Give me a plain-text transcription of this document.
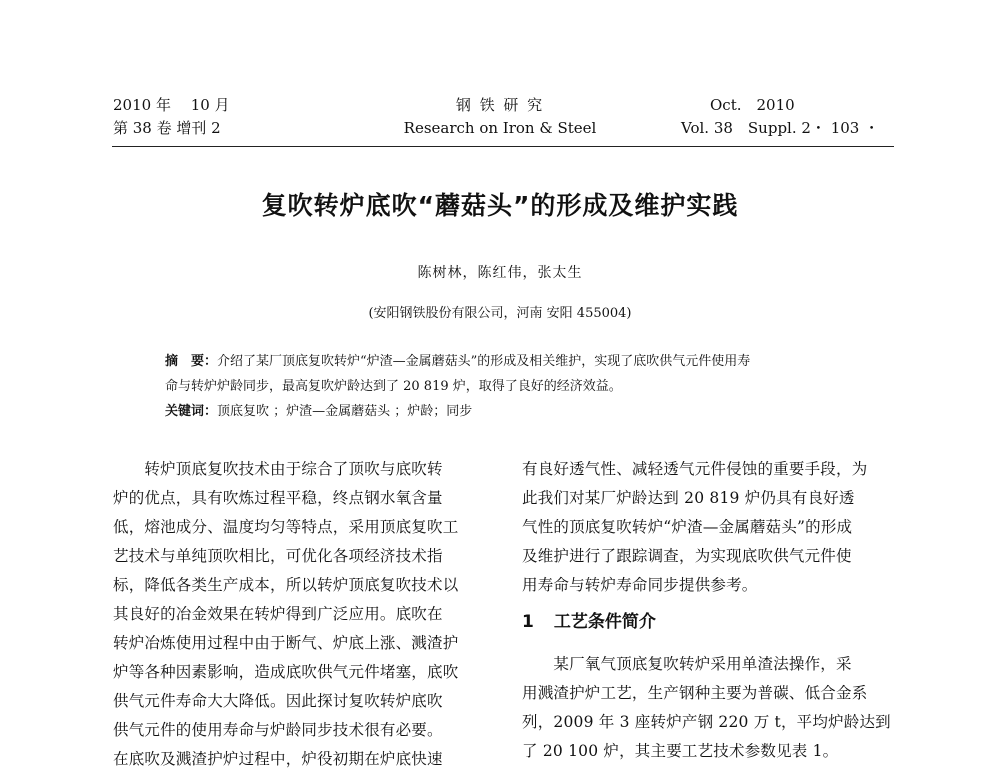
2010 年　 10 月
第 38 卷 增刊 2
钢 铁 研 究
Research on Iron & Steel
Oct.　2010
Vol. 38　Suppl. 2・ 103 ・
复吹转炉底吹“蘑菇头”的形成及维护实践
陈树林，陈红伟，张太生
(安阳钢铁股份有限公司，河南 安阳 455004)
摘　要：介绍了某厂顶底复吹转炉“炉渣—金属蘑菇头”的形成及相关维护，实现了底吹供气元件使用寿
命与转炉炉龄同步，最高复吹炉龄达到了 20 819 炉，取得了良好的经济效益。
关键词：顶底复吹 ；炉渣—金属蘑菇头 ；炉龄；同步
　　转炉顶底复吹技术由于综合了顶吹与底吹转
炉的优点，具有吹炼过程平稳，终点钢水氧含量
低，熔池成分、温度均匀等特点，采用顶底复吹工
艺技术与单纯顶吹相比，可优化各项经济技术指
标，降低各类生产成本，所以转炉顶底复吹技术以
其良好的冶金效果在转炉得到广泛应用。底吹在
转炉冶炼使用过程中由于断气、炉底上涨、溅渣护
炉等各种因素影响，造成底吹供气元件堵塞，底吹
供气元件寿命大大降低。因此探讨复吹转炉底吹
供气元件的使用寿命与炉龄同步技术很有必要。
在底吹及溅渣护炉过程中，炉役初期在炉底快速
有良好透气性、减轻透气元件侵蚀的重要手段，为
此我们对某厂炉龄达到 20 819 炉仍具有良好透
气性的顶底复吹转炉“炉渣—金属蘑菇头”的形成
及维护进行了跟踪调查，为实现底吹供气元件使
用寿命与转炉寿命同步提供参考。
1 工艺条件简介
　　某厂氧气顶底复吹转炉采用单渣法操作，采
用溅渣护炉工艺，生产钢种主要为普碳、低合金系
列，2009 年 3 座转炉产钢 220 万 t，平均炉龄达到
了 20 100 炉，其主要工艺技术参数见表 1。
